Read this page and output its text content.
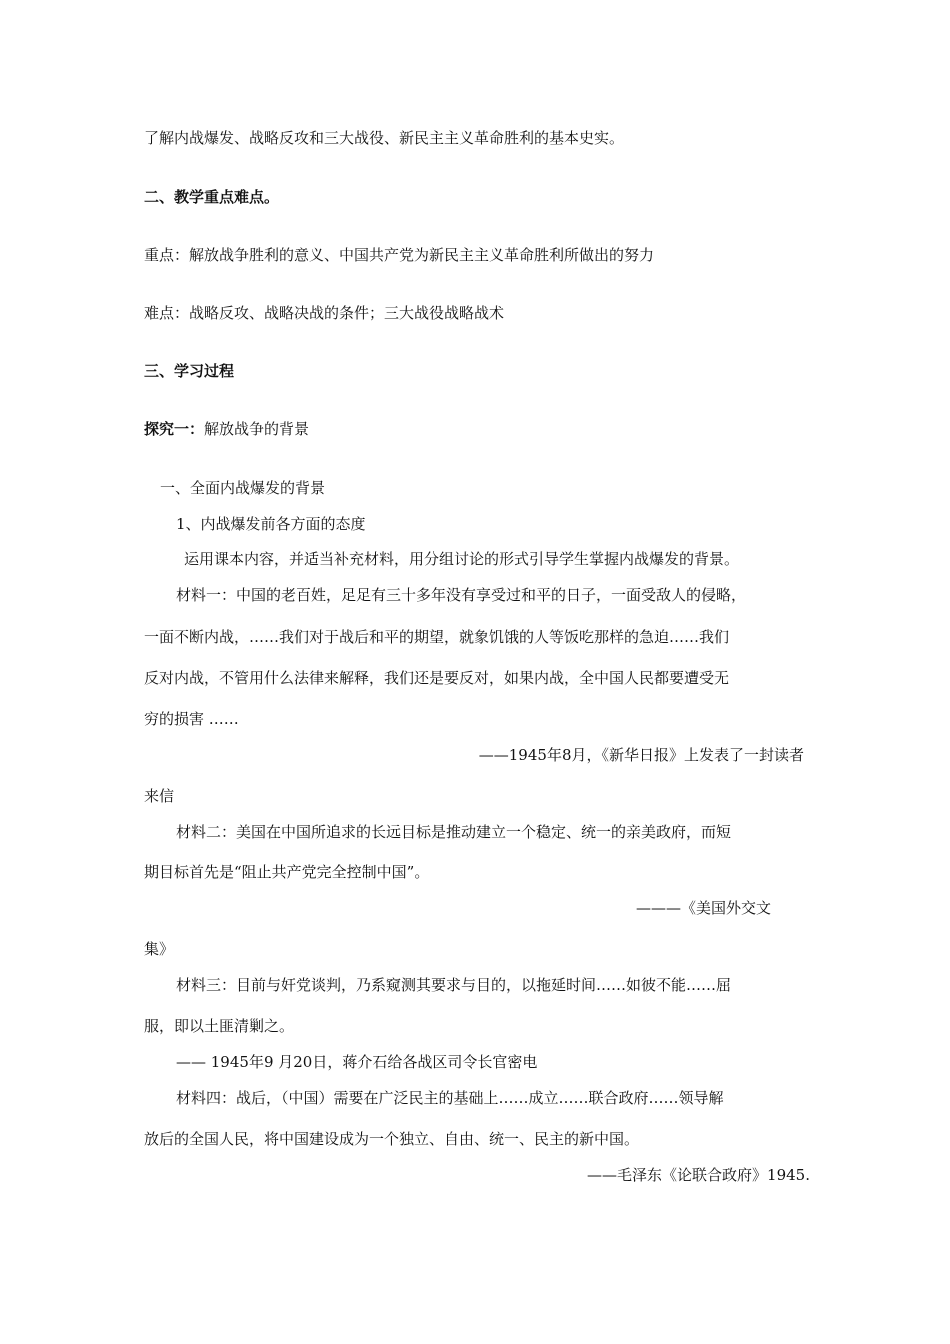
了解内战爆发、战略反攻和三大战役、新民主主义革命胜利的基本史实。

二、教学重点难点。

重点：解放战争胜利的意义、中国共产党为新民主主义革命胜利所做出的努力

难点：战略反攻、战略决战的条件；三大战役战略战术

三、学习过程

探究一：解放战争的背景

一、全面内战爆发的背景

1、内战爆发前各方面的态度

运用课本内容，并适当补充材料，用分组讨论的形式引导学生掌握内战爆发的背景。

材料一：中国的老百姓，足足有三十多年没有享受过和平的日子，一面受敌人的侵略，

一面不断内战，……我们对于战后和平的期望，就象饥饿的人等饭吃那样的急迫……我们

反对内战，不管用什么法律来解释，我们还是要反对，如果内战，全中国人民都要遭受无

穷的损害 ……

——1945年8月，《新华日报》上发表了一封读者

来信

材料二：美国在中国所追求的长远目标是推动建立一个稳定、统一的亲美政府，而短

期目标首先是“阻止共产党完全控制中国”。

———《美国外交文

集》

材料三：目前与奸党谈判，乃系窥测其要求与目的，以拖延时间……如彼不能……屈

服，即以土匪清剿之。

—— 1945年9 月20日，蒋介石给各战区司令长官密电

材料四：战后，（中国）需要在广泛民主的基础上……成立……联合政府……领导解

放后的全国人民，将中国建设成为一个独立、自由、统一、民主的新中国。

——毛泽东《论联合政府》1945.
